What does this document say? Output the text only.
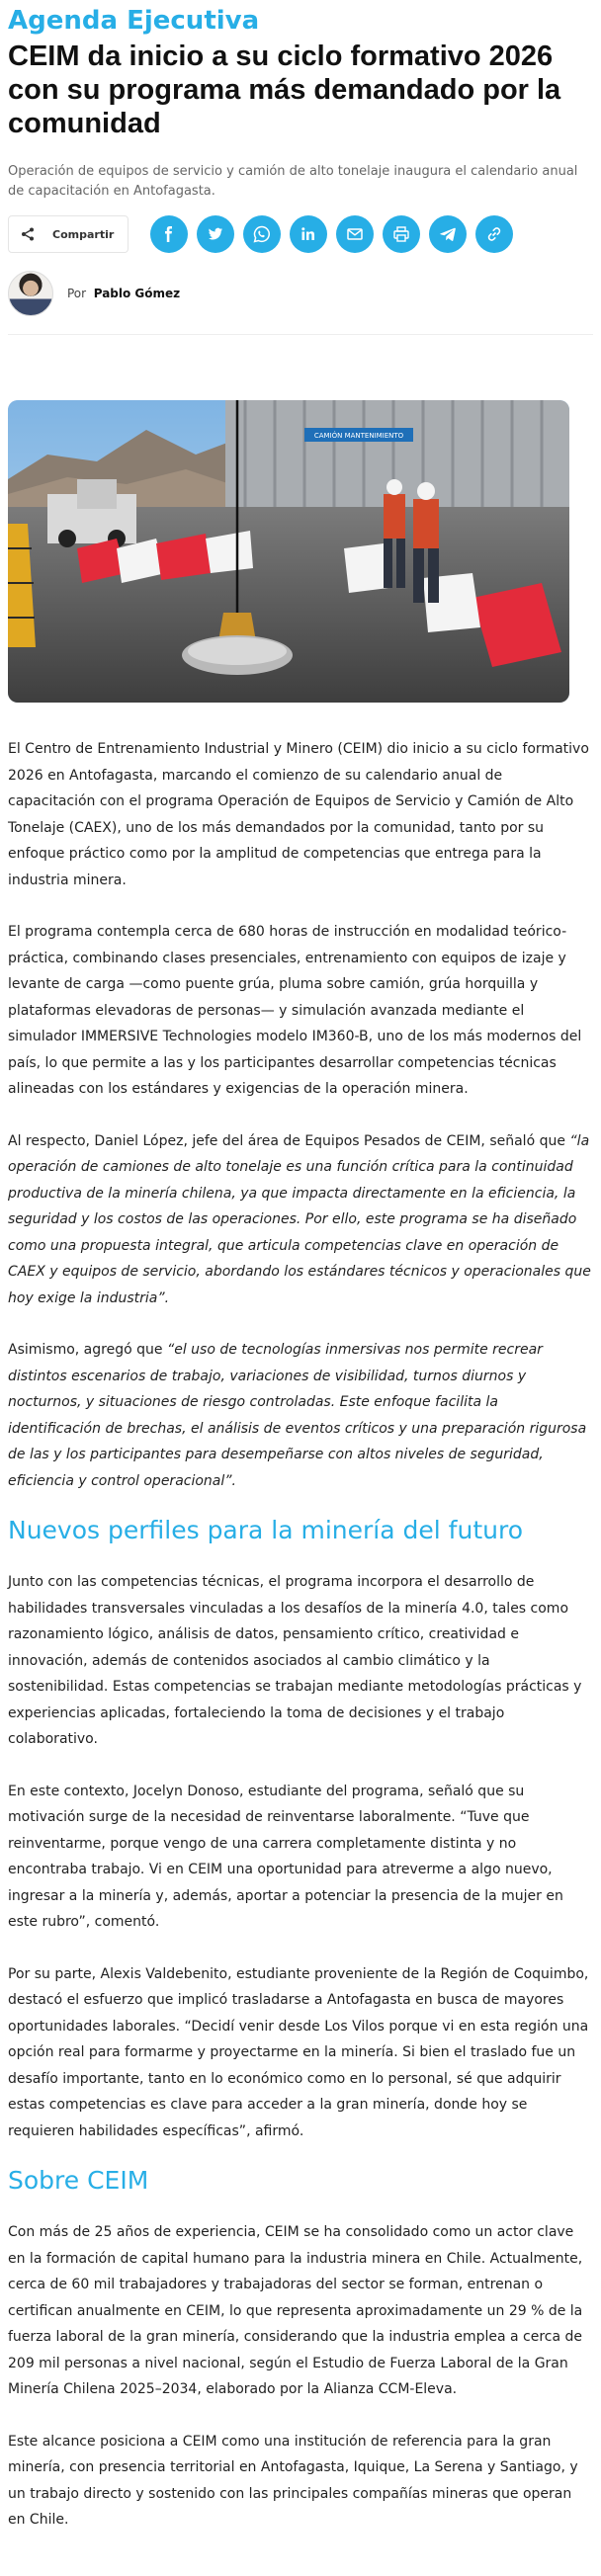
Agenda Ejecutiva
CEIM da inicio a su ciclo formativo 2026 con su programa más demandado por la comunidad

Operación de equipos de servicio y camión de alto tonelaje inaugura el calendario anual de capacitación en Antofagasta.

Compartir
Por Pablo Gómez
CAMIÓN MANTENIMIENTO

El Centro de Entrenamiento Industrial y Minero (CEIM) dio inicio a su ciclo formativo 2026 en Antofagasta, marcando el comienzo de su calendario anual de capacitación con el programa Operación de Equipos de Servicio y Camión de Alto Tonelaje (CAEX), uno de los más demandados por la comunidad, tanto por su enfoque práctico como por la amplitud de competencias que entrega para la industria minera.

El programa contempla cerca de 680 horas de instrucción en modalidad teórico-práctica, combinando clases presenciales, entrenamiento con equipos de izaje y levante de carga —como puente grúa, pluma sobre camión, grúa horquilla y plataformas elevadoras de personas— y simulación avanzada mediante el simulador IMMERSIVE Technologies modelo IM360-B, uno de los más modernos del país, lo que permite a las y los participantes desarrollar competencias técnicas alineadas con los estándares y exigencias de la operación minera.

Al respecto, Daniel López, jefe del área de Equipos Pesados de CEIM, señaló que “la operación de camiones de alto tonelaje es una función crítica para la continuidad productiva de la minería chilena, ya que impacta directamente en la eficiencia, la seguridad y los costos de las operaciones. Por ello, este programa se ha diseñado como una propuesta integral, que articula competencias clave en operación de CAEX y equipos de servicio, abordando los estándares técnicos y operacionales que hoy exige la industria”.

Asimismo, agregó que “el uso de tecnologías inmersivas nos permite recrear distintos escenarios de trabajo, variaciones de visibilidad, turnos diurnos y nocturnos, y situaciones de riesgo controladas. Este enfoque facilita la identificación de brechas, el análisis de eventos críticos y una preparación rigurosa de las y los participantes para desempeñarse con altos niveles de seguridad, eficiencia y control operacional”.

Nuevos perfiles para la minería del futuro

Junto con las competencias técnicas, el programa incorpora el desarrollo de habilidades transversales vinculadas a los desafíos de la minería 4.0, tales como razonamiento lógico, análisis de datos, pensamiento crítico, creatividad e innovación, además de contenidos asociados al cambio climático y la sostenibilidad. Estas competencias se trabajan mediante metodologías prácticas y experiencias aplicadas, fortaleciendo la toma de decisiones y el trabajo colaborativo.

En este contexto, Jocelyn Donoso, estudiante del programa, señaló que su motivación surge de la necesidad de reinventarse laboralmente. “Tuve que reinventarme, porque vengo de una carrera completamente distinta y no encontraba trabajo. Vi en CEIM una oportunidad para atreverme a algo nuevo, ingresar a la minería y, además, aportar a potenciar la presencia de la mujer en este rubro”, comentó.

Por su parte, Alexis Valdebenito, estudiante proveniente de la Región de Coquimbo, destacó el esfuerzo que implicó trasladarse a Antofagasta en busca de mayores oportunidades laborales. “Decidí venir desde Los Vilos porque vi en esta región una opción real para formarme y proyectarme en la minería. Si bien el traslado fue un desafío importante, tanto en lo económico como en lo personal, sé que adquirir estas competencias es clave para acceder a la gran minería, donde hoy se requieren habilidades específicas”, afirmó.

Sobre CEIM

Con más de 25 años de experiencia, CEIM se ha consolidado como un actor clave en la formación de capital humano para la industria minera en Chile. Actualmente, cerca de 60 mil trabajadores y trabajadoras del sector se forman, entrenan o certifican anualmente en CEIM, lo que representa aproximadamente un 29 % de la fuerza laboral de la gran minería, considerando que la industria emplea a cerca de 209 mil personas a nivel nacional, según el Estudio de Fuerza Laboral de la Gran Minería Chilena 2025–2034, elaborado por la Alianza CCM-Eleva.

Este alcance posiciona a CEIM como una institución de referencia para la gran minería, con presencia territorial en Antofagasta, Iquique, La Serena y Santiago, y un trabajo directo y sostenido con las principales compañías mineras que operan en Chile.
